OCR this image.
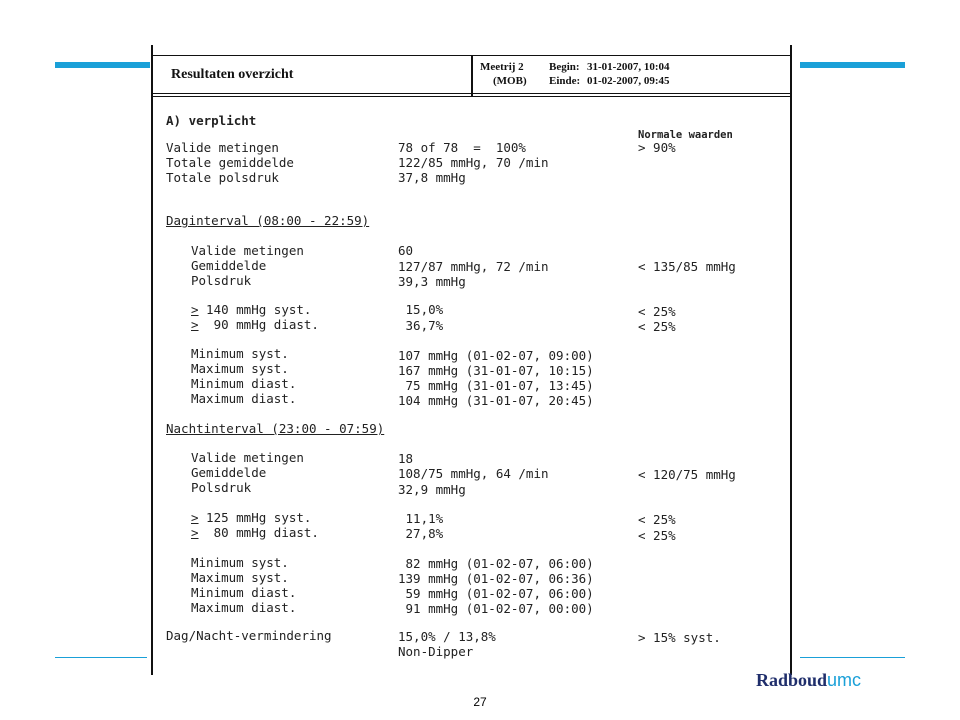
Resultaten overzicht	Meetrij 2
(MOB)
Begin: 31-01-2007, 10:04
Einde: 01-02-2007, 09:45
A) verplicht
Normale waarden
Valide metingen	78 of 78  =  100%	> 90%
Totale gemiddelde	122/85 mmHg, 70 /min
Totale polsdruk	37,8 mmHg
Daginterval (08:00 - 22:59)
Valide metingen	60
Gemiddelde	127/87 mmHg, 72 /min	< 135/85 mmHg
Polsdruk	39,3 mmHg
≥ 140 mmHg syst.	15,0%	< 25%
≥  90 mmHg diast.	36,7%	< 25%
Minimum syst.	107 mmHg (01-02-07, 09:00)
Maximum syst.	167 mmHg (31-01-07, 10:15)
Minimum diast.	75 mmHg (31-01-07, 13:45)
Maximum diast.	104 mmHg (31-01-07, 20:45)
Nachtinterval (23:00 - 07:59)
Valide metingen	18
Gemiddelde	108/75 mmHg, 64 /min	< 120/75 mmHg
Polsdruk	32,9 mmHg
≥ 125 mmHg syst.	11,1%	< 25%
≥  80 mmHg diast.	27,8%	< 25%
Minimum syst.	82 mmHg (01-02-07, 06:00)
Maximum syst.	139 mmHg (01-02-07, 06:36)
Minimum diast.	59 mmHg (01-02-07, 06:00)
Maximum diast.	91 mmHg (01-02-07, 00:00)
Dag/Nacht-vermindering	15,0% / 13,8%	> 15% syst.
Non-Dipper
27
Radboudumc
